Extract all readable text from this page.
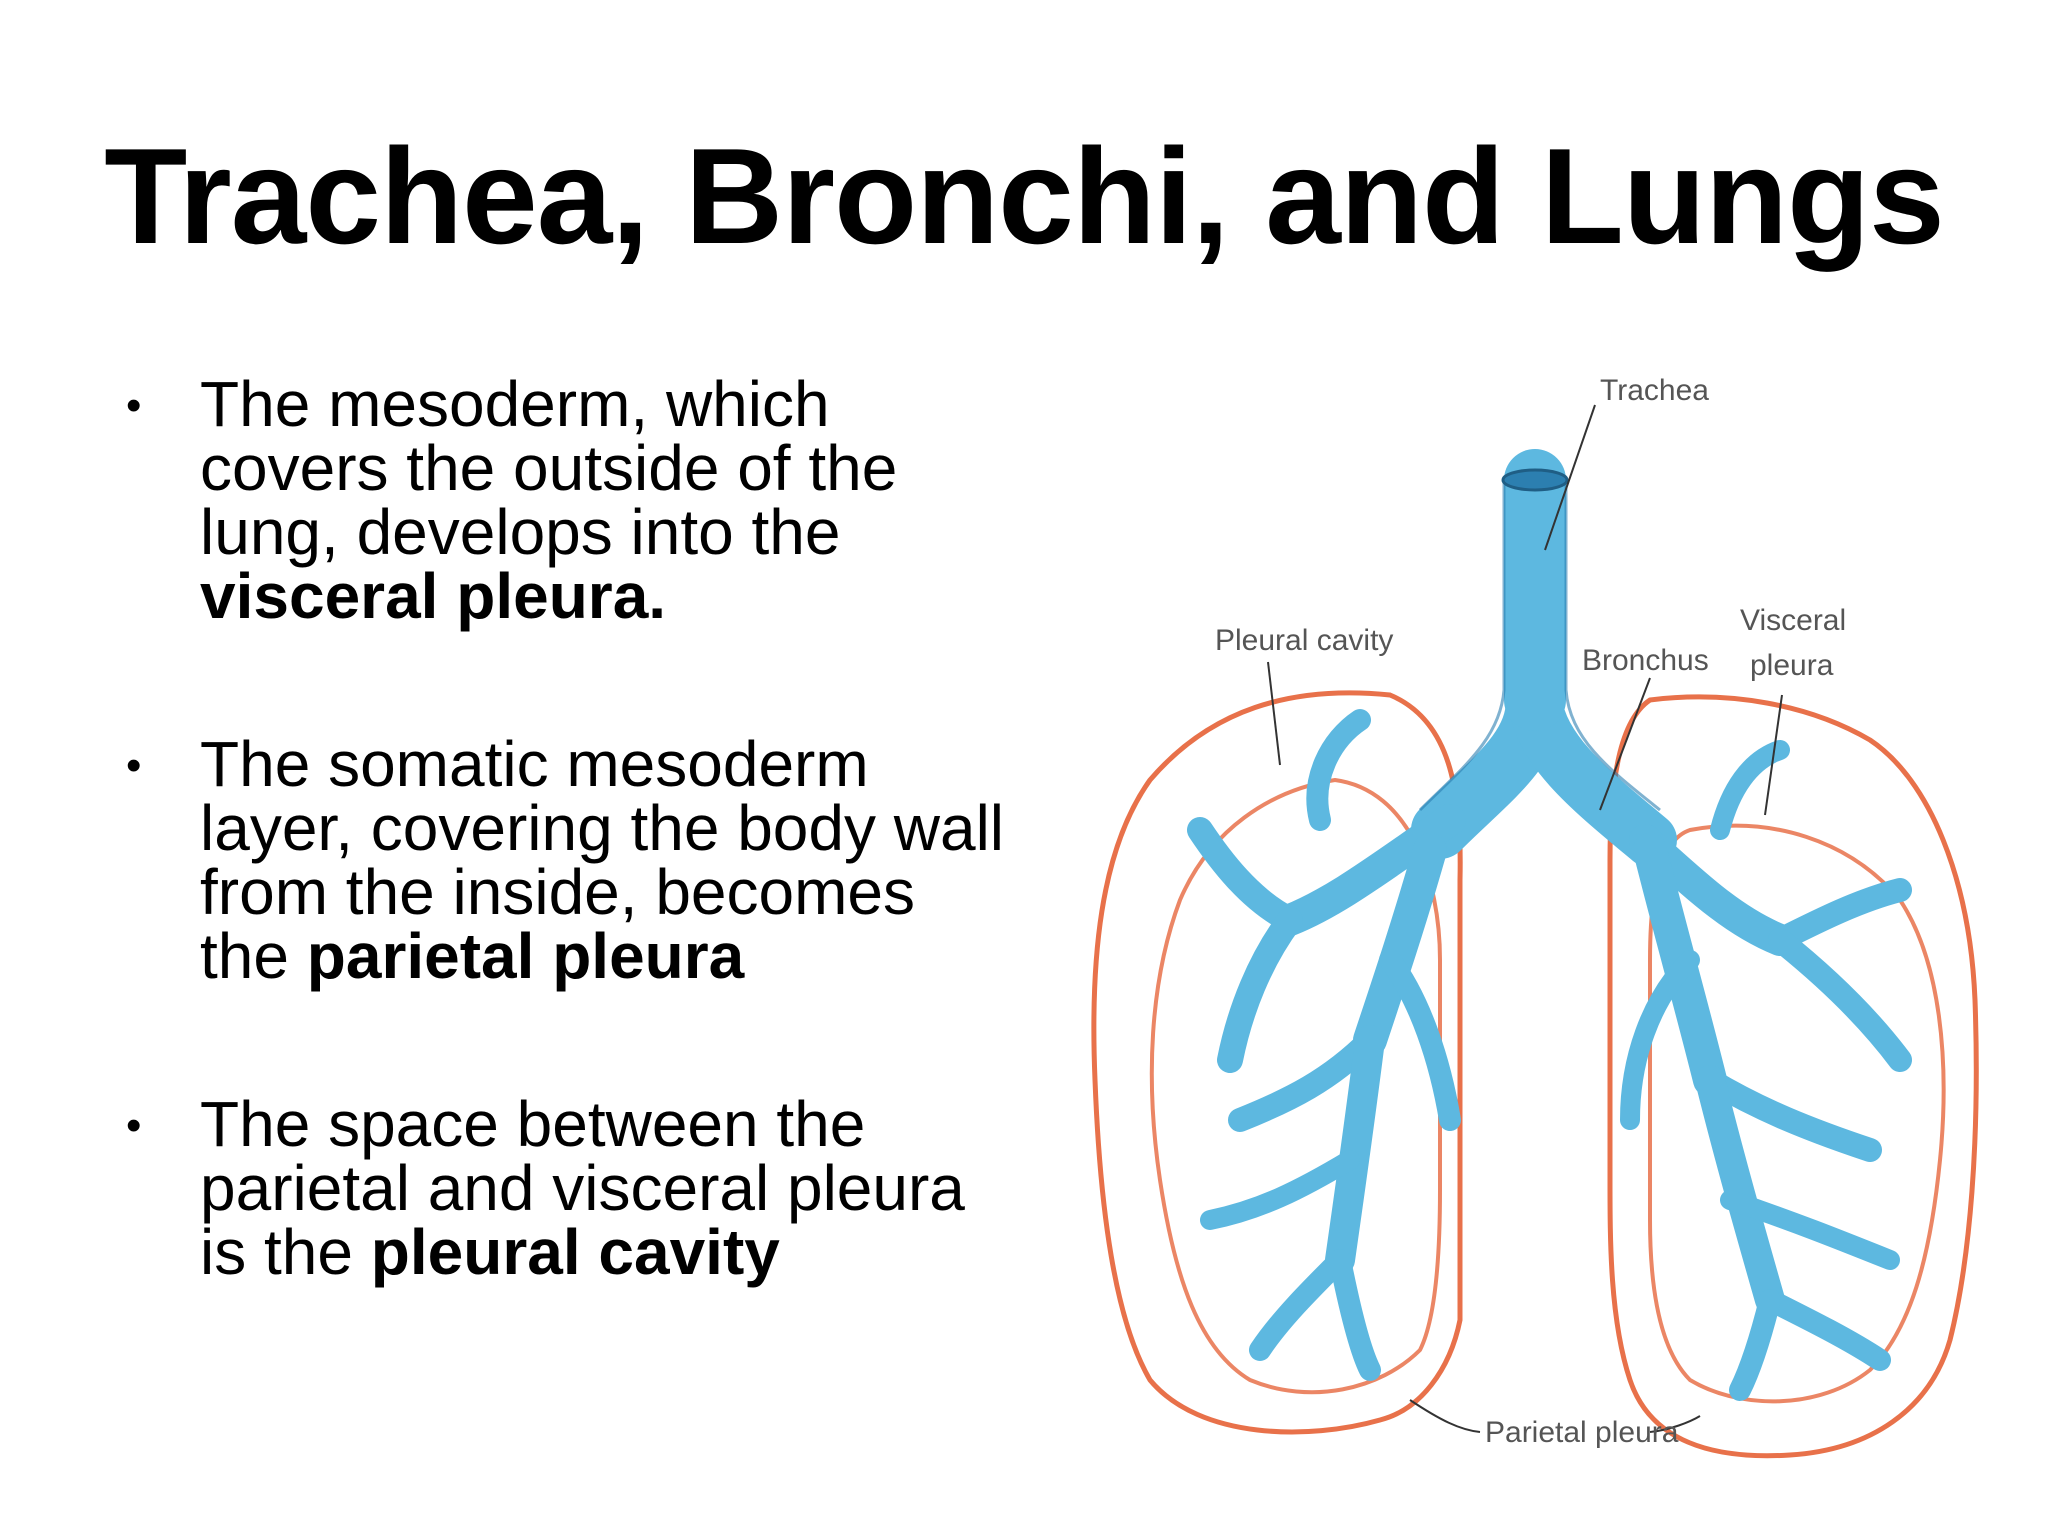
Trachea, Bronchi, and Lungs
• The mesoderm, which covers the outside of the lung, develops into the visceral pleura.
• The somatic mesoderm layer, covering the body wall from the inside, becomes the parietal pleura
• The space between the parietal and visceral pleura is the pleural cavity
Trachea
Pleural cavity
Bronchus
Visceral
pleura
Parietal pleura
